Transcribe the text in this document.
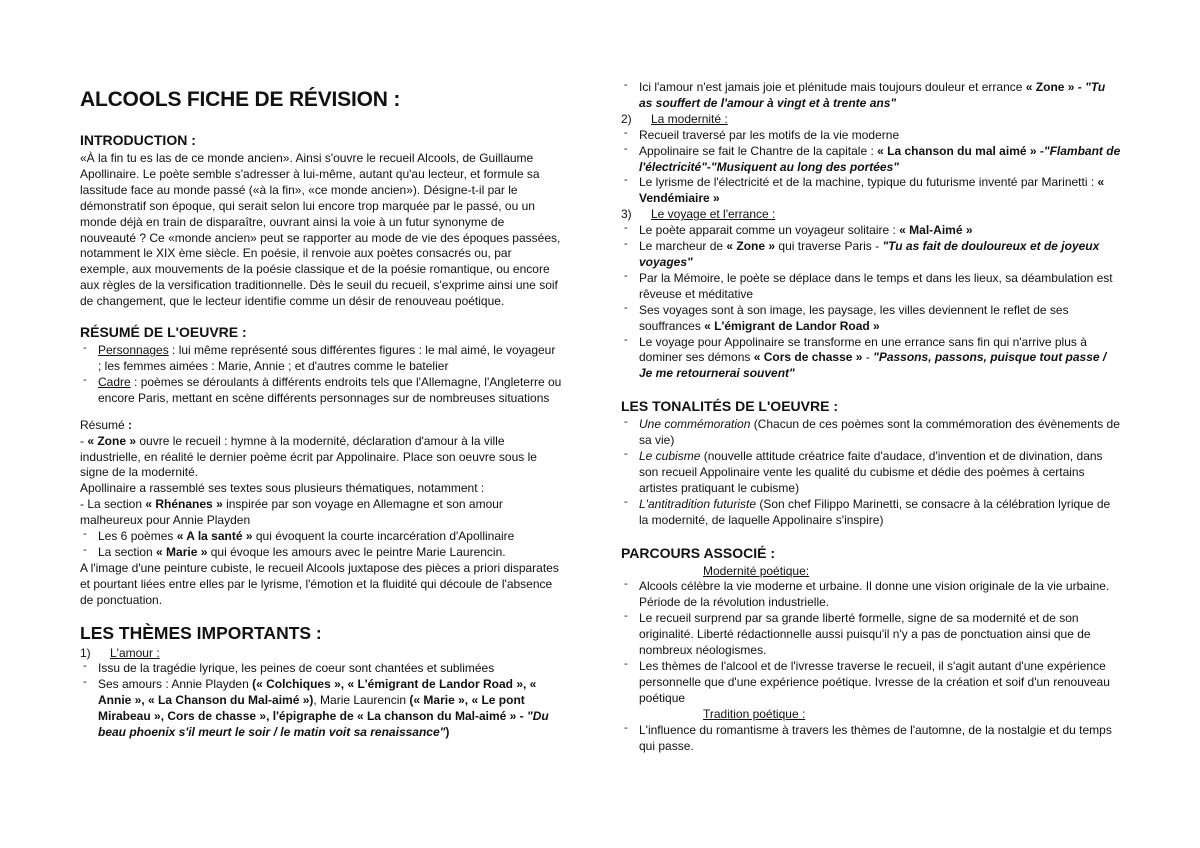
ALCOOLS FICHE DE RÉVISION :
INTRODUCTION :

«À la fin tu es las de ce monde ancien». Ainsi s'ouvre le recueil Alcools, de Guillaume Apollinaire. Le poète semble s'adresser à lui-même, autant qu'au lecteur, et formule sa lassitude face au monde passé («à la fin», «ce monde ancien»). Désigne-t-il par le démonstratif son époque, qui serait selon lui encore trop marquée par le passé, ou un monde déjà en train de disparaître, ouvrant ainsi la voie à un futur synonyme de nouveauté ? Ce «monde ancien» peut se rapporter au mode de vie des époques passées, notamment le XIX ème siècle. En poésie, il renvoie aux poètes consacrés ou, par exemple, aux mouvements de la poésie classique et de la poésie romantique, ou encore aux règles de la versification traditionnelle. Dès le seuil du recueil, s'exprime ainsi une soif de changement, que le lecteur identifie comme un désir de renouveau poétique.

RÉSUMÉ DE L'OEUVRE :
- Personnages : lui même représenté sous différentes figures : le mal aimé, le voyageur ; les femmes aimées : Marie, Annie ; et d'autres comme le batelier
- Cadre : poèmes se déroulants à différents endroits tels que l'Allemagne, l'Angleterre ou encore Paris, mettant en scène différents personnages sur de nombreuses situations

Résumé :

- « Zone » ouvre le recueil : hymne à la modernité, déclaration d'amour à la ville industrielle, en réalité le dernier poème écrit par Appolinaire. Place son oeuvre sous le signe de la modernité.

Apollinaire a rassemblé ses textes sous plusieurs thématiques, notamment :

- La section « Rhénanes » inspirée par son voyage en Allemagne et son amour malheureux pour Annie Playden

- Les 6 poèmes « A la santé » qui évoquent la courte incarcération d'Apollinaire
- La section « Marie » qui évoque les amours avec le peintre Marie Laurencin.

A l'image d'une peinture cubiste, le recueil Alcools juxtapose des pièces a priori disparates et pourtant liées entre elles par le lyrisme, l'émotion et la fluidité qui découle de l'absence de ponctuation.

LES THÈMES IMPORTANTS :
1)	L'amour :
- Issu de la tragédie lyrique, les peines de coeur sont chantées et sublimées
- Ses amours : Annie Playden (« Colchiques », « L'émigrant de Landor Road », « Annie », « La Chanson du Mal-aimé »), Marie Laurencin (« Marie », « Le pont Mirabeau », Cors de chasse », l'épigraphe de « La chanson du Mal-aimé » - "Du beau phoenix s'il meurt le soir / le matin voit sa renaissance")
- Ici l'amour n'est jamais joie et plénitude mais toujours douleur et errance « Zone » - "Tu as souffert de l'amour à vingt et à trente ans"
2)	La modernité :
- Recueil traversé par les motifs de la vie moderne
- Appolinaire se fait le Chantre de la capitale : « La chanson du mal aimé » -"Flambant de l'électricité"-"Musiquent au long des portées"
- Le lyrisme de l'électricité et de la machine, typique du futurisme inventé par Marinetti : « Vendémiaire »
3)	Le voyage et l'errance :
- Le poète apparait comme un voyageur solitaire : « Mal-Aimé »
- Le marcheur de « Zone » qui traverse Paris - "Tu as fait de douloureux et de joyeux voyages"
- Par la Mémoire, le poète se déplace dans le temps et dans les lieux, sa déambulation est rêveuse et méditative
- Ses voyages sont à son image, les paysage, les villes deviennent le reflet de ses souffrances « L'émigrant de Landor Road »
- Le voyage pour Appolinaire se transforme en une errance sans fin qui n'arrive plus à dominer ses démons « Cors de chasse » - "Passons, passons, puisque tout passe / Je me retournerai souvent"
LES TONALITÉS DE L'OEUVRE :
- Une commémoration (Chacun de ces poèmes sont la commémoration des évènements de sa vie)
- Le cubisme (nouvelle attitude créatrice faite d'audace, d'invention et de divination, dans son recueil Appolinaire vente les qualité du cubisme et dédie des poèmes à certains artistes pratiquant le cubisme)
- L'antitradition futuriste (Son chef Filippo Marinetti, se consacre à la célébration lyrique de la modernité, de laquelle Appolinaire s'inspire)
PARCOURS ASSOCIÉ :

Modernité poétique:

- Alcools célèbre la vie moderne et urbaine. Il donne une vision originale de la vie urbaine. Période de la révolution industrielle.
- Le recueil surprend par sa grande liberté formelle, signe de sa modernité et de son originalité. Liberté rédactionnelle aussi puisqu'il n'y a pas de ponctuation ainsi que de nombreux néologismes.
- Les thèmes de l'alcool et de l'ivresse traverse le recueil, il s'agit autant d'une expérience personnelle que d'une expérience poétique. Ivresse de la création et soif d'un renouveau poétique

Tradition poétique :

- L'influence du romantisme à travers les thèmes de l'automne, de la nostalgie et du temps qui passe.
